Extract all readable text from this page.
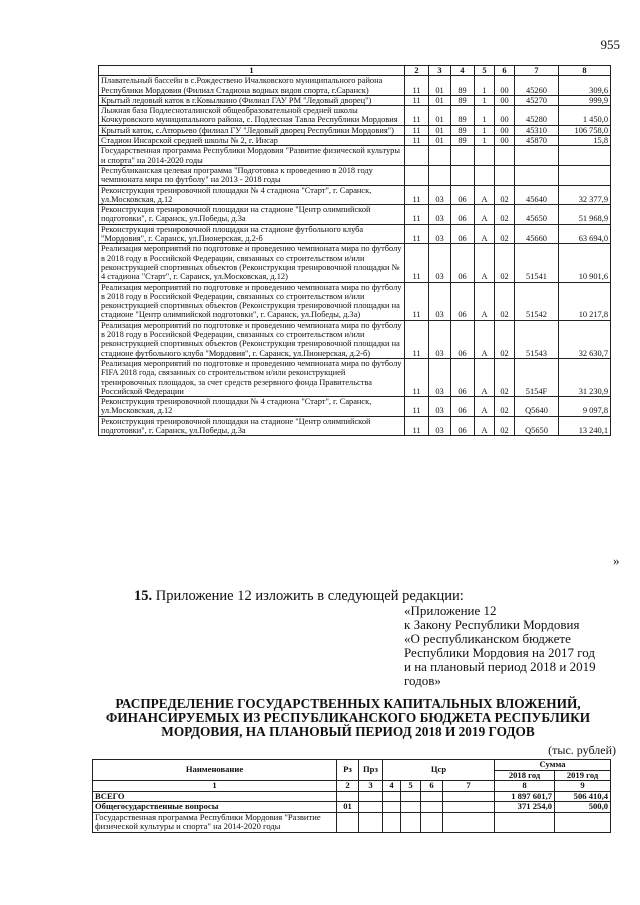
955
1	2	3	4	5	6	7	8
Плавательный бассейн в с.Рождествено Ичалковского муниципального района Республики Мордовия (Филиал Стадиона водных видов спорта, г.Саранск)	11	01	89	1	00	45260	309,6
Крытый ледовый каток в г.Ковылкино (Филиал ГАУ РМ "Ледовый дворец")	11	01	89	1	00	45270	999,9
Лыжная база Подлесноталинской общеобразовательной средней школы Кочкуровского муниципального района, с. Подлесная Тавла Республики Мордовия	11	01	89	1	00	45280	1 450,0
Крытый каток, с.Атюрьево (филиал ГУ "Ледовый дворец Республики Мордовия")	11	01	89	1	00	45310	106 758,0
Стадион Инсарской средней школы № 2, г. Инсар	11	01	89	1	00	45870	15,8
Государственная программа Республики Мордовия "Развитие физической культуры и спорта" на 2014-2020 годы							
Республиканская целевая программа "Подготовка к проведению в 2018 году чемпионата мира по футболу" на 2013 - 2018 годы							
Реконструкция тренировочной площадки № 4 стадиона "Старт", г. Саранск, ул.Московская, д.12	11	03	06	А	02	45640	32 377,9
Реконструкция тренировочной площадки на стадионе "Центр олимпийской подготовки", г. Саранск, ул.Победы, д.3а	11	03	06	А	02	45650	51 968,9
Реконструкция тренировочной площадки на стадионе футбольного клуба "Мордовия", г. Саранск, ул.Пионерская, д.2-б	11	03	06	А	02	45660	63 694,0
Реализация мероприятий по подготовке и проведению чемпионата мира по футболу в 2018 году в Российской Федерации, связанных со строительством и/или реконструкцией спортивных объектов (Реконструкция тренировочной площадки № 4 стадиона "Старт", г. Саранск, ул.Московская, д.12)	11	03	06	А	02	51541	10 901,6
Реализация мероприятий по подготовке и проведению чемпионата мира по футболу в 2018 году в Российской Федерации, связанных со строительством и/или реконструкцией спортивных объектов (Реконструкция тренировочной площадки на стадионе "Центр олимпийской подготовки", г. Саранск, ул.Победы, д.3а)	11	03	06	А	02	51542	10 217,8
Реализация мероприятий по подготовке и проведению чемпионата мира по футболу в 2018 году в Российской Федерации, связанных со строительством и/или реконструкцией спортивных объектов (Реконструкция тренировочной площадки на стадионе футбольного клуба "Мордовия", г. Саранск, ул.Пионерская, д.2-б)	11	03	06	А	02	51543	32 630,7
Реализация мероприятий по подготовке и проведению чемпионата мира по футболу FIFA 2018 года, связанных со строительством и/или реконструкцией тренировочных площадок, за счет средств резервного фонда Правительства Российской Федерации	11	03	06	А	02	5154F	31 230,9
Реконструкция тренировочной площадки № 4 стадиона "Старт", г. Саранск, ул.Московская, д.12	11	03	06	А	02	Q5640	9 097,8
Реконструкция тренировочной площадки на стадионе "Центр олимпийской подготовки", г. Саранск, ул.Победы, д.3а	11	03	06	А	02	Q5650	13 240,1
»
15. Приложение 12 изложить в следующей редакции:
«Приложение 12
к Закону Республики Мордовия
«О республиканском бюджете
Республики Мордовия на 2017 год
и на плановый период 2018 и 2019
годов»
РАСПРЕДЕЛЕНИЕ ГОСУДАРСТВЕННЫХ КАПИТАЛЬНЫХ ВЛОЖЕНИЙ, ФИНАНСИРУЕМЫХ ИЗ РЕСПУБЛИКАНСКОГО БЮДЖЕТА РЕСПУБЛИКИ МОРДОВИЯ, НА ПЛАНОВЫЙ ПЕРИОД 2018 И 2019 ГОДОВ
(тыс. рублей)
Наименование	Рз	Прз	Цср				Сумма	
							2018 год	2019 год
1	2	3	4	5	6	7	8	9
ВСЕГО							1 897 601,7	506 410,4
Общегосударственные вопросы	01						371 254,0	500,0
Государственная программа Республики Мордовия "Развитие физической культуры и спорта" на 2014-2020 годы								
